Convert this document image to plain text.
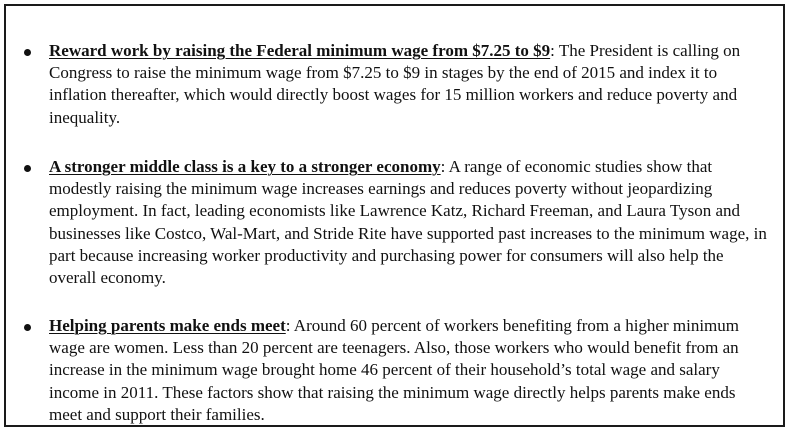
Reward work by raising the Federal minimum wage from $7.25 to $9: The President is calling on Congress to raise the minimum wage from $7.25 to $9 in stages by the end of 2015 and index it to inflation thereafter, which would directly boost wages for 15 million workers and reduce poverty and inequality.
A stronger middle class is a key to a stronger economy: A range of economic studies show that modestly raising the minimum wage increases earnings and reduces poverty without jeopardizing employment. In fact, leading economists like Lawrence Katz, Richard Freeman, and Laura Tyson and businesses like Costco, Wal-Mart, and Stride Rite have supported past increases to the minimum wage, in part because increasing worker productivity and purchasing power for consumers will also help the overall economy.
Helping parents make ends meet: Around 60 percent of workers benefiting from a higher minimum wage are women. Less than 20 percent are teenagers. Also, those workers who would benefit from an increase in the minimum wage brought home 46 percent of their household’s total wage and salary income in 2011. These factors show that raising the minimum wage directly helps parents make ends meet and support their families.
